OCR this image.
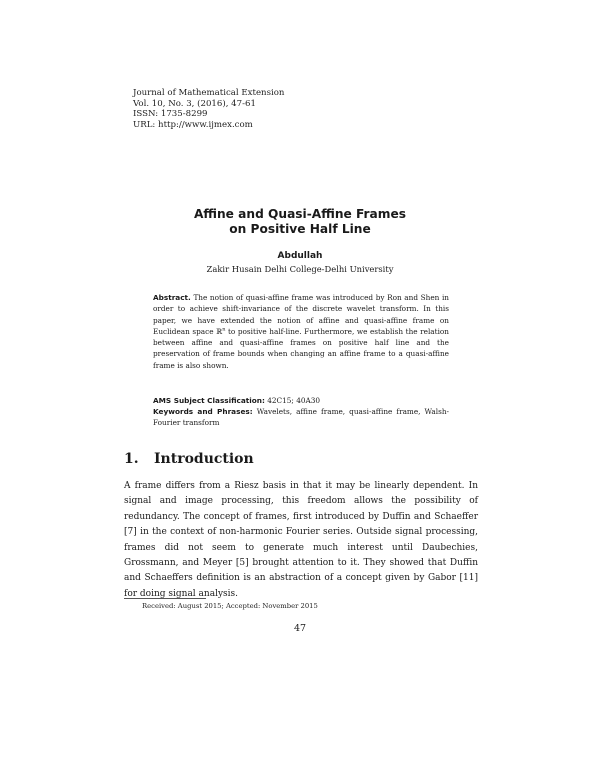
Journal of Mathematical Extension
Vol. 10, No. 3, (2016), 47-61
ISSN: 1735-8299
URL: http://www.ijmex.com
Affine and Quasi-Affine Frames
on Positive Half Line
Abdullah
Zakir Husain Delhi College-Delhi University
Abstract. The notion of quasi-affine frame was introduced by Ron and Shen in order to achieve shift-invariance of the discrete wavelet transform. In this paper, we have extended the notion of affine and quasi-affine frame on Euclidean space ℝ$^n$ to positive half-line. Furthermore, we establish the relation between affine and quasi-affine frames on positive half line and the preservation of frame bounds when changing an affine frame to a quasi-affine frame is also shown.
AMS Subject Classification: 42C15; 40A30
Keywords and Phrases: Wavelets, affine frame, quasi-affine frame, Walsh-Fourier transform
1. Introduction
A frame differs from a Riesz basis in that it may be linearly dependent. In signal and image processing, this freedom allows the possibility of redundancy. The concept of frames, first introduced by Duffin and Schaeffer [7] in the context of non-harmonic Fourier series. Outside signal processing, frames did not seem to generate much interest until Daubechies, Grossmann, and Meyer [5] brought attention to it. They showed that Duffin and Schaeffers definition is an abstraction of a concept given by Gabor [11] for doing signal analysis.
Received: August 2015; Accepted: November 2015
47
